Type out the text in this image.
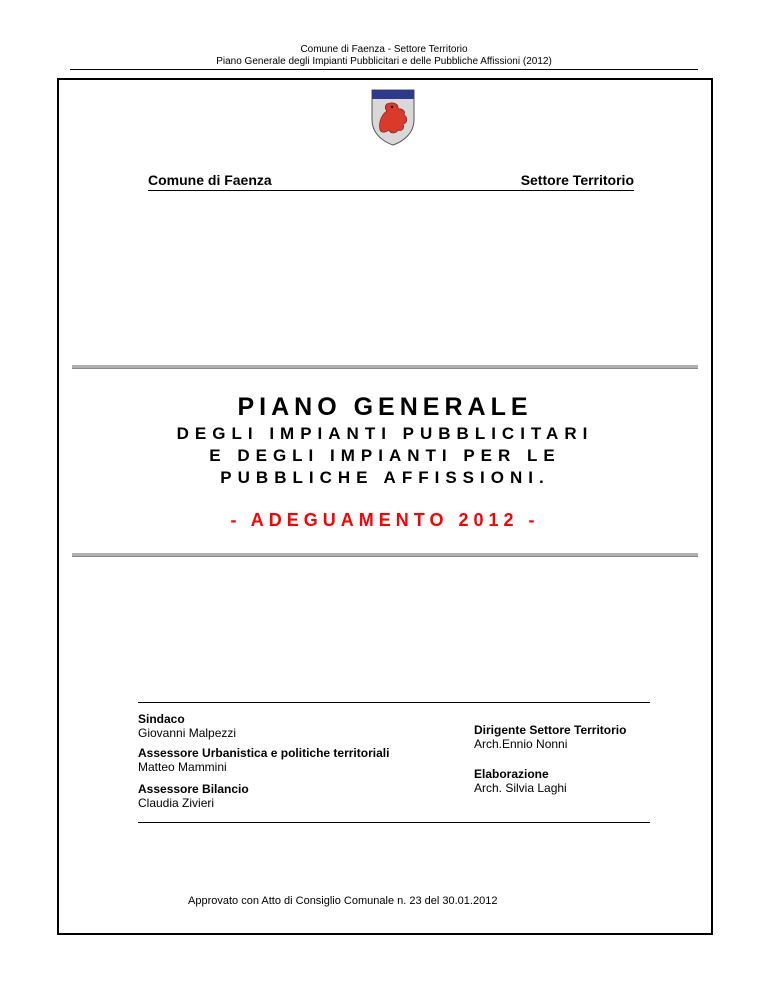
Comune di Faenza - Settore Territorio
Piano Generale degli Impianti Pubblicitari e delle Pubbliche Affissioni (2012)
Comune di Faenza	Settore Territorio
PIANO GENERALE
DEGLI IMPIANTI PUBBLICITARI
E DEGLI IMPIANTI PER LE
PUBBLICHE AFFISSIONI.
- ADEGUAMENTO 2012 -
Sindaco
Giovanni Malpezzi
Assessore Urbanistica e politiche territoriali
Matteo Mammini
Assessore Bilancio
Claudia Zivieri
Dirigente Settore Territorio
Arch.Ennio Nonni
Elaborazione
Arch. Silvia Laghi
Approvato con Atto di Consiglio Comunale n. 23 del 30.01.2012
